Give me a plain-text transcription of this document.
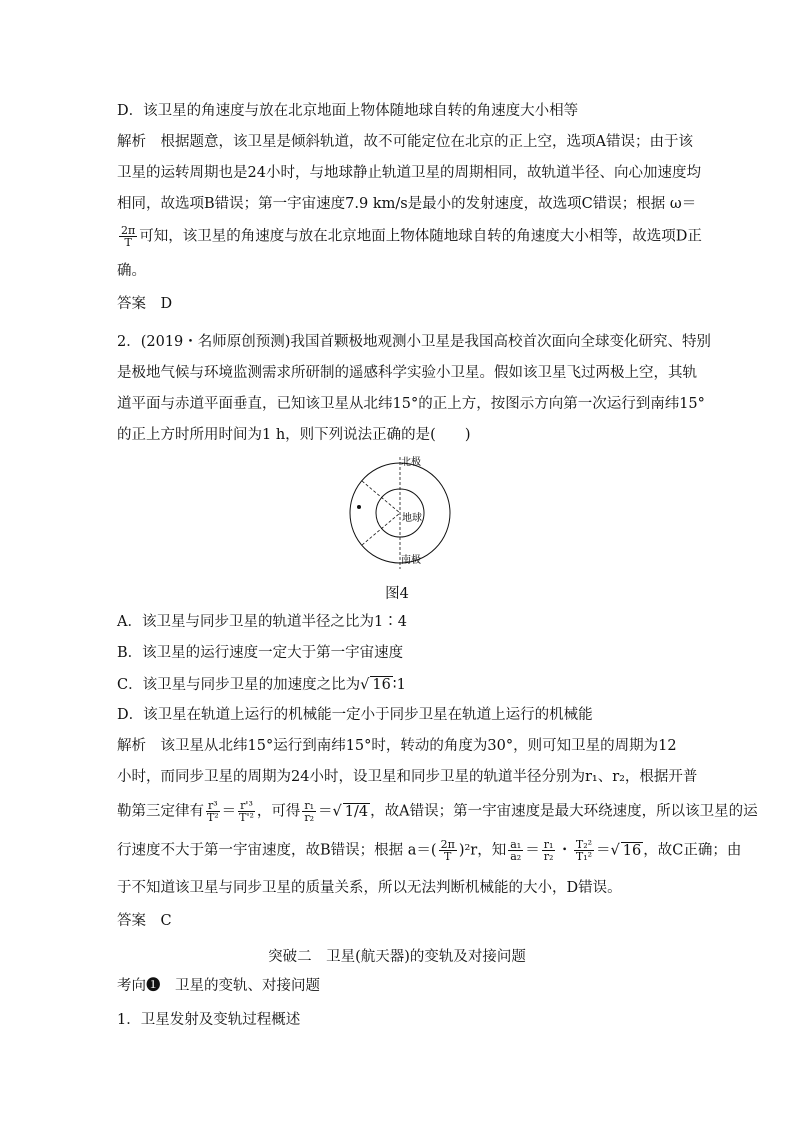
D．该卫星的角速度与放在北京地面上物体随地球自转的角速度大小相等
解析　根据题意，该卫星是倾斜轨道，故不可能定位在北京的正上空，选项A错误；由于该
卫星的运转周期也是24小时，与地球静止轨道卫星的周期相同，故轨道半径、向心加速度均
相同，故选项B错误；第一宇宙速度7.9 km/s是最小的发射速度，故选项C错误；根据 ω＝
$\frac{2\pi}{T}$ 可知，该卫星的角速度与放在北京地面上物体随地球自转的角速度大小相等，故选项D正
确。
答案　D
2．(2019・名师原创预测)我国首颗极地观测小卫星是我国高校首次面向全球变化研究、特别
是极地气候与环境监测需求所研制的遥感科学实验小卫星。假如该卫星飞过两极上空，其轨
道平面与赤道平面垂直，已知该卫星从北纬15°的正上方，按图示方向第一次运行到南纬15°
的正上方时所用时间为1 h，则下列说法正确的是(　　)
北极
地球
南极
图4
A．该卫星与同步卫星的轨道半径之比为1∶4
B．该卫星的运行速度一定大于第一宇宙速度
C．该卫星与同步卫星的加速度之比为√ 16 ∶1
D．该卫星在轨道上运行的机械能一定小于同步卫星在轨道上运行的机械能
解析　该卫星从北纬15°运行到南纬15°时，转动的角度为30°，则可知卫星的周期为12
小时，而同步卫星的周期为24小时，设卫星和同步卫星的轨道半径分别为r₁、r₂，根据开普
勒第三定律有 $\frac{\text{r³}}{\text{T²}} = \frac{\text{r'³}}{\text{T'²}}$ ，可得 $\frac{\text{r₁}}{\text{r₂}}$ ＝√ 1/4 ，故A错误；第一宇宙速度是最大环绕速度，所以该卫星的运
行速度不大于第一宇宙速度，故B错误；根据 $a=( \frac{2\pi}{T} )^2r$，知 $\frac{\text{a₁}}{\text{a₂}} = \frac{\text{r₁}}{\text{r₂}}$ ・ $\frac{\text{T₂²}}{\text{T₁²}}$ ＝√ 16 ，故C正确；由
于不知道该卫星与同步卫星的质量关系，所以无法判断机械能的大小，D错误。
答案　C
突破二　卫星(航天器)的变轨及对接问题
考向❶　卫星的变轨、对接问题
1．卫星发射及变轨过程概述
